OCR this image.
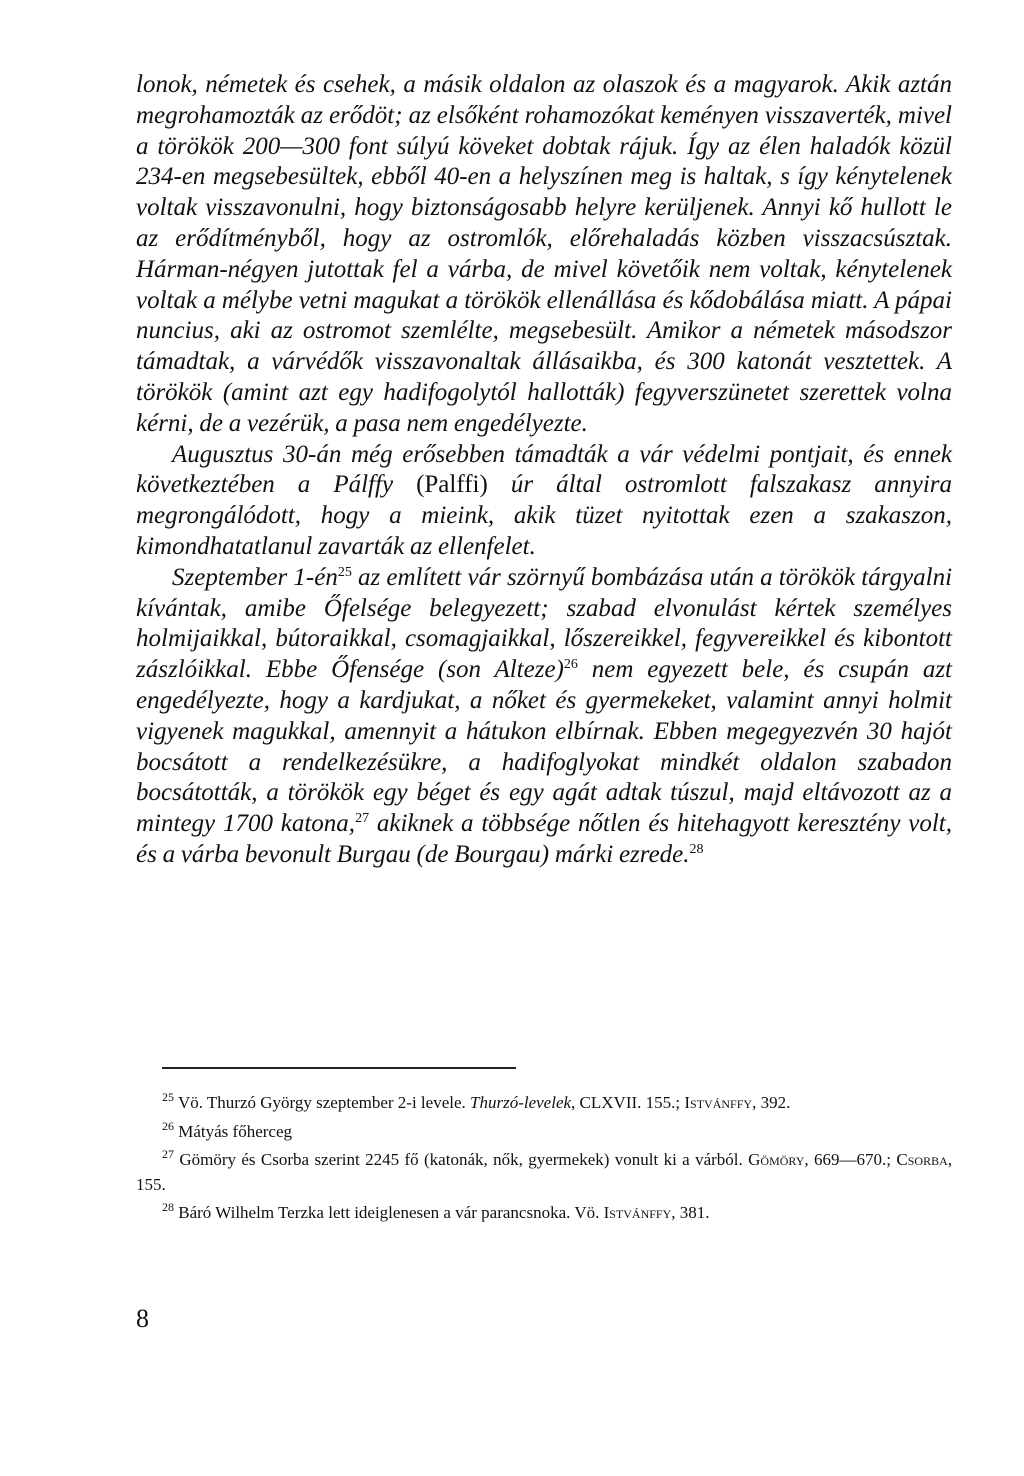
lonok, németek és csehek, a másik oldalon az olaszok és a magyarok. Akik aztán megrohamozták az erődöt; az elsőként rohamozókat keményen visszaverték, mivel a törökök 200—300 font súlyú köveket dobtak rájuk. Így az élen haladók közül 234-en megsebesültek, ebből 40-en a helyszínen meg is haltak, s így kénytelenek voltak visszavonulni, hogy biztonságosabb helyre kerüljenek. Annyi kő hullott le az erődítményből, hogy az ostromlók, előrehaladás közben visszacsúsztak. Hárman-négyen jutottak fel a várba, de mivel követőik nem voltak, kénytelenek voltak a mélybe vetni magukat a törökök ellenállása és kődobálása miatt. A pápai nuncius, aki az ostromot szemlélte, megsebesült. Amikor a németek másodszor támadtak, a várvédők visszavonaltak állásaikba, és 300 katonát vesztettek. A törökök (amint azt egy hadifogolytól hallották) fegyverszünetet szerettek volna kérni, de a vezérük, a pasa nem engedélyezte.

Augusztus 30-án még erősebben támadták a vár védelmi pontjait, és ennek következtében a Pálffy (Palffi) úr által ostromlott falszakasz annyira megrongálódott, hogy a mieink, akik tüzet nyitottak ezen a szakaszon, kimondhatatlanul zavarták az ellenfelet.

Szeptember $1-én^{25}$ az említett vár szörnyű bombázása után a törökök tárgyalni kívántak, amibe Őfelsége belegyezett; szabad elvonulást kértek személyes holmijaikkal, bútoraikkal, csomagjaikkal, lőszereikkel, fegyvereikkel és kibontott zászlóikkal. Ebbe Őfensége (son Alteze)$^{26}$ nem egyezett bele, és csupán azt engedélyezte, hogy a kardjukat, a nőket és gyermekeket, valamint annyi holmit vigyenek magukkal, amennyit a hátukon elbírnak. Ebben megegyezvén 30 hajót bocsátott a rendelkezésükre, a hadifoglyokat mindkét oldalon szabadon bocsátották, a törökök egy béget és egy agát adtak túszul, majd eltávozott az a mintegy 1700 katona,$^{27}$ akiknek a többsége nőtlen és hitehagyott keresztény volt, és a várba bevonult Burgau (de Bourgau) márki ezrede.$^{28}$

$^{25}$ Vö. Thurzó György szeptember 2-i levele. Thurzó-levelek, CLXVII. 155.; Istvánffy, 392.
$^{26}$ Mátyás főherceg
$^{27}$ Gömöry és Csorba szerint 2245 fő (katonák, nők, gyermekek) vonult ki a várból. Gömöry, 669—670.; Csorba, 155.
$^{28}$ Báró Wilhelm Terzka lett ideiglenesen a vár parancsnoka. Vö. Istvánffy, 381.
8
